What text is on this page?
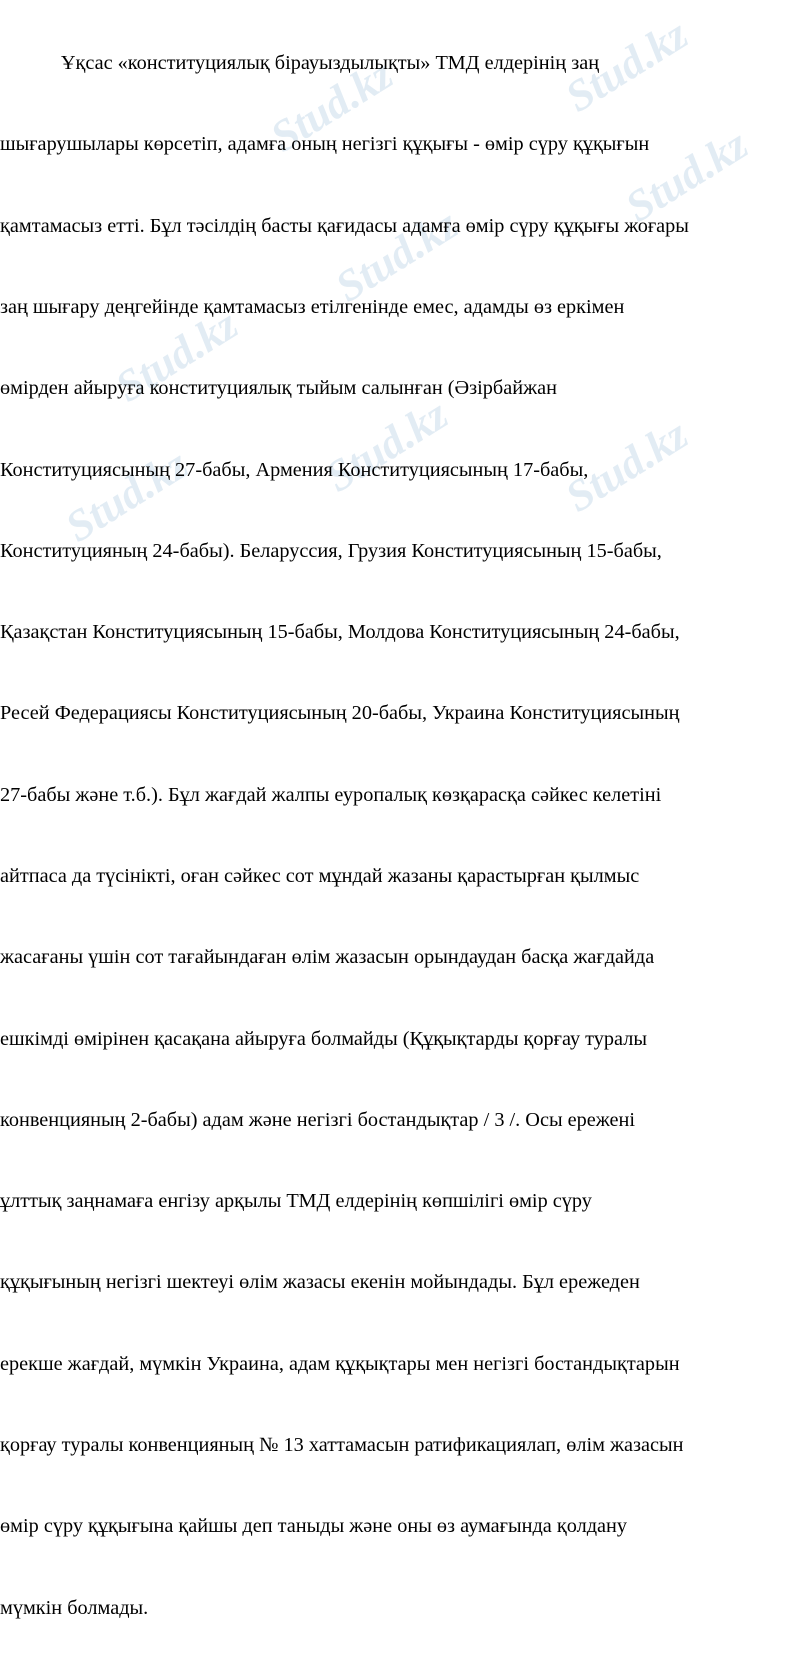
Stud.kz
Stud.kz
Stud.kz
Stud.kz
Stud.kz
Stud.kz
Stud.kz
Stud.kz

Ұқсас «конституциялық бірауыздылықты» ТМД елдерінің заң

шығарушылары көрсетіп, адамға оның негізгі құқығы - өмір сүру құқығын

қамтамасыз етті. Бұл тәсілдің басты қағидасы адамға өмір сүру құқығы жоғары

заң шығару деңгейінде қамтамасыз етілгенінде емес, адамды өз еркімен

өмірден айыруға конституциялық тыйым салынған (Әзірбайжан

Конституциясының 27-бабы, Армения Конституциясының 17-бабы,

Конституцияның 24-бабы). Беларуссия, Грузия Конституциясының 15-бабы,

Қазақстан Конституциясының 15-бабы, Молдова Конституциясының 24-бабы,

Ресей Федерациясы Конституциясының 20-бабы, Украина Конституциясының

27-бабы және т.б.). Бұл жағдай жалпы еуропалық көзқарасқа сәйкес келетіні

айтпаса да түсінікті, оған сәйкес сот мұндай жазаны қарастырған қылмыс

жасағаны үшін сот тағайындаған өлім жазасын орындаудан басқа жағдайда

ешкімді өмірінен қасақана айыруға болмайды (Құқықтарды қорғау туралы

конвенцияның 2-бабы) адам және негізгі бостандықтар / 3 /. Осы ережені

ұлттық заңнамаға енгізу арқылы ТМД елдерінің көпшілігі өмір сүру

құқығының негізгі шектеуі өлім жазасы екенін мойындады. Бұл ережеден

ерекше жағдай, мүмкін Украина, адам құқықтары мен негізгі бостандықтарын

қорғау туралы конвенцияның № 13 хаттамасын ратификациялап, өлім жазасын

өмір сүру құқығына қайшы деп таныды және оны өз аумағында қолдану

мүмкін болмады.
